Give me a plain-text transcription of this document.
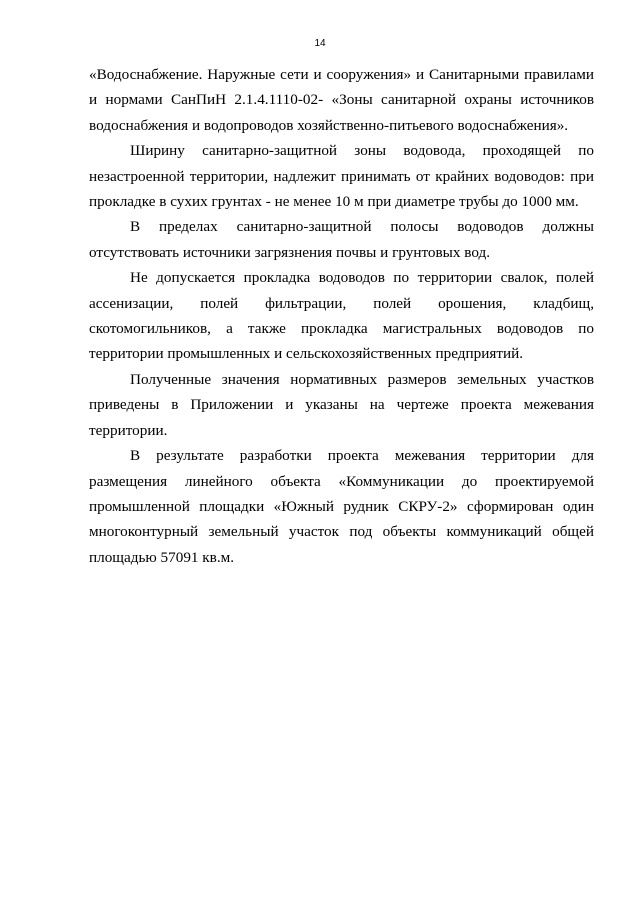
14

«Водоснабжение. Наружные сети и сооружения» и Санитарными правилами и нормами СанПиН 2.1.4.1110-02- «Зоны санитарной охраны источников водоснабжения и водопроводов хозяйственно-питьевого водоснабжения».

Ширину санитарно-защитной зоны водовода, проходящей по незастроенной территории, надлежит принимать от крайних водоводов: при прокладке в сухих грунтах - не менее 10 м при диаметре трубы до 1000 мм.

В пределах санитарно-защитной полосы водоводов должны отсутствовать источники загрязнения почвы и грунтовых вод.

Не допускается прокладка водоводов по территории свалок, полей ассенизации, полей фильтрации, полей орошения, кладбищ, скотомогильников, а также прокладка магистральных водоводов по территории промышленных и сельскохозяйственных предприятий.

Полученные значения нормативных размеров земельных участков приведены в Приложении и указаны на чертеже проекта межевания территории.

В результате разработки проекта межевания территории для размещения линейного объекта «Коммуникации до проектируемой промышленной площадки «Южный рудник СКРУ-2» сформирован один многоконтурный земельный участок под объекты коммуникаций общей площадью 57091 кв.м.
